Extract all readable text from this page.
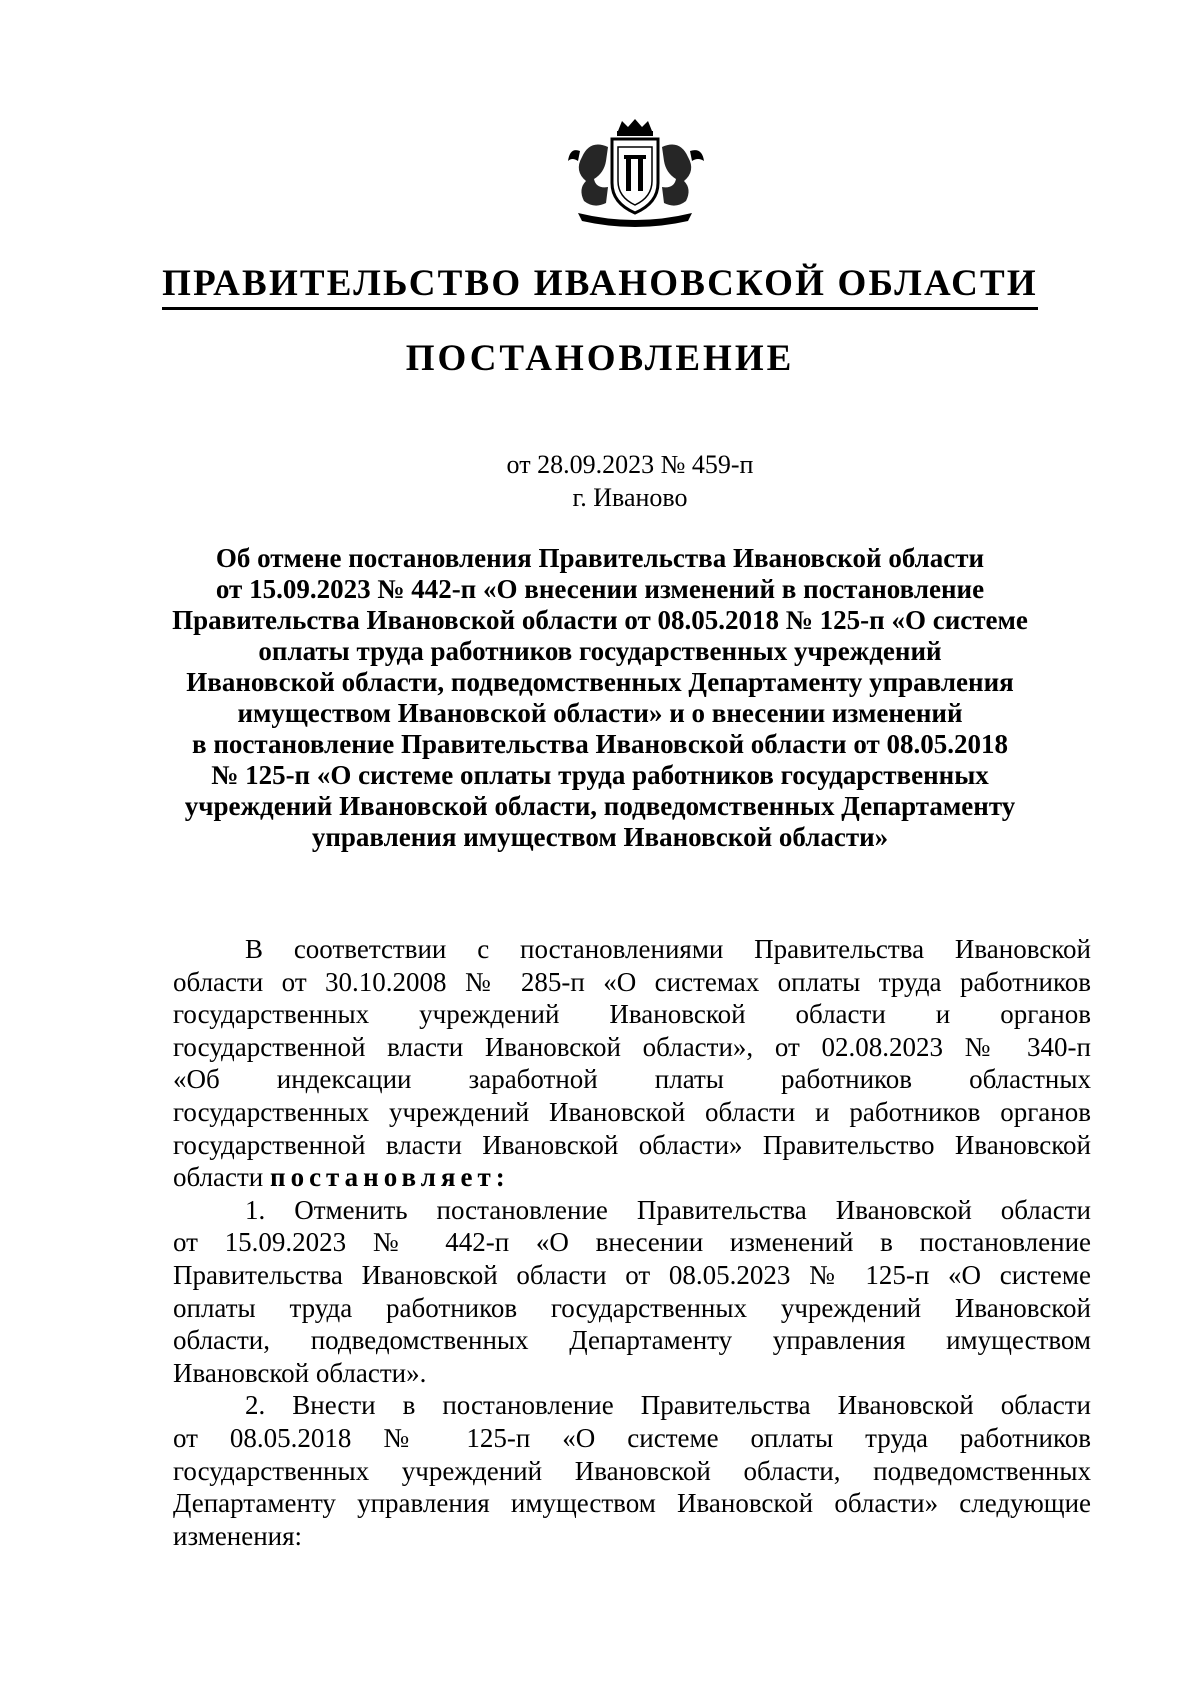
ПРАВИТЕЛЬСТВО ИВАНОВСКОЙ ОБЛАСТИ
ПОСТАНОВЛЕНИЕ
от 28.09.2023 № 459-п
г. Иваново
Об отмене постановления Правительства Ивановской области
от 15.09.2023 № 442-п «О внесении изменений в постановление
Правительства Ивановской области от 08.05.2018 № 125-п «О системе
оплаты труда работников государственных учреждений
Ивановской области, подведомственных Департаменту управления
имуществом Ивановской области» и о внесении изменений
в постановление Правительства Ивановской области от 08.05.2018
№ 125-п «О системе оплаты труда работников государственных
учреждений Ивановской области, подведомственных Департаменту
управления имуществом Ивановской области»
В соответствии с постановлениями Правительства Ивановской
области от 30.10.2008 № 285-п «О системах оплаты труда работников
государственных учреждений Ивановской области и органов
государственной власти Ивановской области», от 02.08.2023 № 340-п
«Об индексации заработной платы работников областных
государственных учреждений Ивановской области и работников органов
государственной власти Ивановской области» Правительство Ивановской
области постановляет:
1. Отменить постановление Правительства Ивановской области
от 15.09.2023 № 442-п «О внесении изменений в постановление
Правительства Ивановской области от 08.05.2023 № 125-п «О системе
оплаты труда работников государственных учреждений Ивановской
области, подведомственных Департаменту управления имуществом
Ивановской области».
2. Внести в постановление Правительства Ивановской области
от 08.05.2018 № 125-п «О системе оплаты труда работников
государственных учреждений Ивановской области, подведомственных
Департаменту управления имуществом Ивановской области» следующие
изменения:
